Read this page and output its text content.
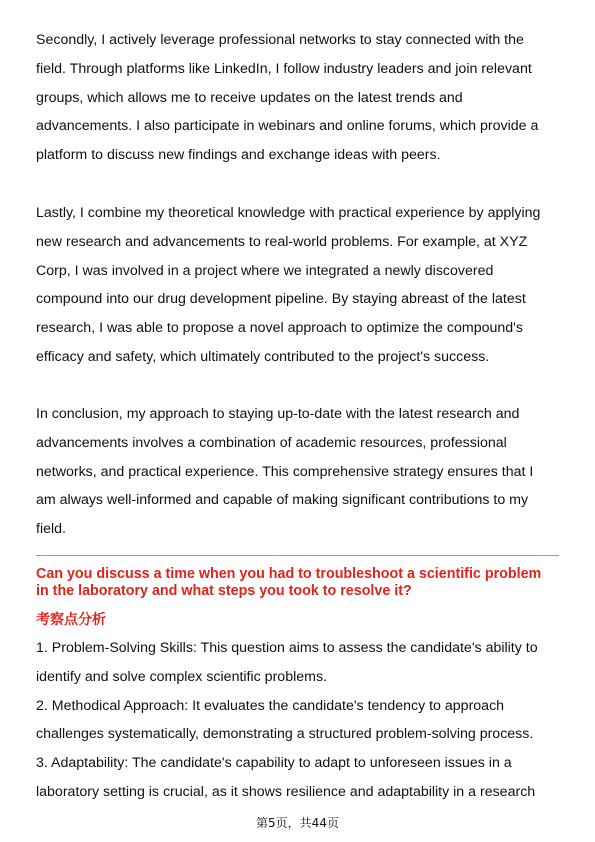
Secondly, I actively leverage professional networks to stay connected with the
field. Through platforms like LinkedIn, I follow industry leaders and join relevant
groups, which allows me to receive updates on the latest trends and
advancements. I also participate in webinars and online forums, which provide a
platform to discuss new findings and exchange ideas with peers.

Lastly, I combine my theoretical knowledge with practical experience by applying
new research and advancements to real-world problems. For example, at XYZ
Corp, I was involved in a project where we integrated a newly discovered
compound into our drug development pipeline. By staying abreast of the latest
research, I was able to propose a novel approach to optimize the compound's
efficacy and safety, which ultimately contributed to the project's success.

In conclusion, my approach to staying up-to-date with the latest research and
advancements involves a combination of academic resources, professional
networks, and practical experience. This comprehensive strategy ensures that I
am always well-informed and capable of making significant contributions to my
field.

Can you discuss a time when you had to troubleshoot a scientific problem
in the laboratory and what steps you took to resolve it?
考察点分析
1. Problem-Solving Skills: This question aims to assess the candidate's ability to
identify and solve complex scientific problems.
2. Methodical Approach: It evaluates the candidate's tendency to approach
challenges systematically, demonstrating a structured problem-solving process.
3. Adaptability: The candidate's capability to adapt to unforeseen issues in a
laboratory setting is crucial, as it shows resilience and adaptability in a research
第5页，共44页
